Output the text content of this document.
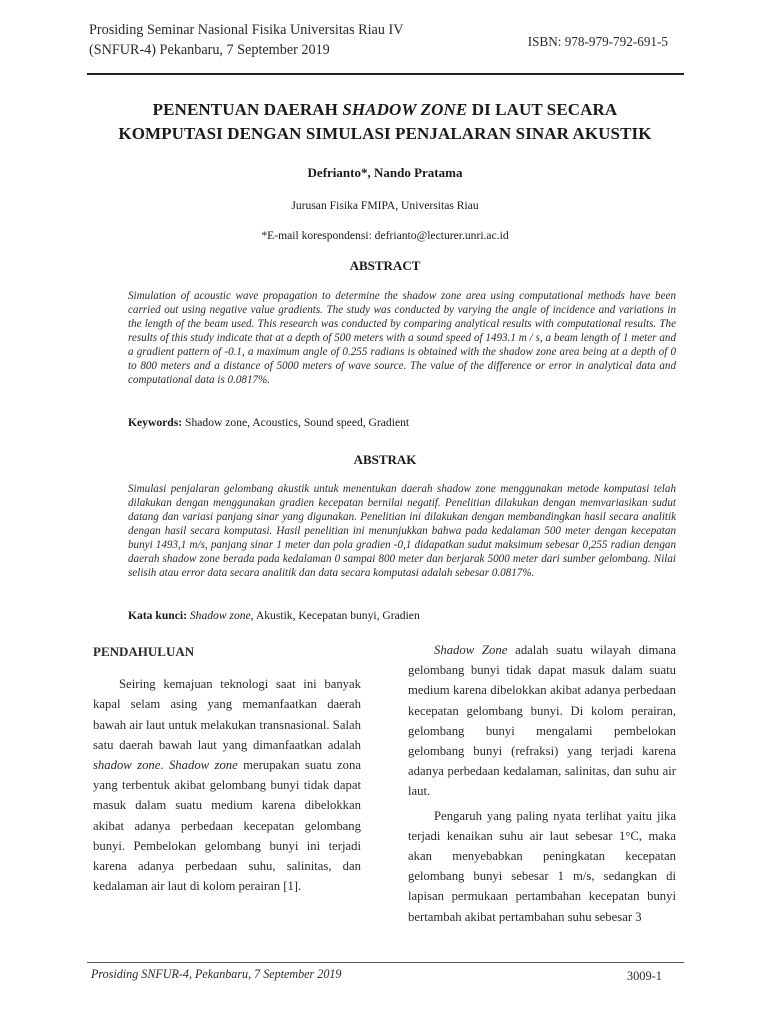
Prosiding Seminar Nasional Fisika Universitas Riau IV
(SNFUR-4) Pekanbaru, 7 September 2019
ISBN: 978-979-792-691-5
PENENTUAN DAERAH SHADOW ZONE DI LAUT SECARA
KOMPUTASI DENGAN SIMULASI PENJALARAN SINAR AKUSTIK
Defrianto*, Nando Pratama
Jurusan Fisika FMIPA, Universitas Riau
*E-mail korespondensi: defrianto@lecturer.unri.ac.id
ABSTRACT
Simulation of acoustic wave propagation to determine the shadow zone area using computational methods have been carried out using negative value gradients. The study was conducted by varying the angle of incidence and variations in the length of the beam used. This research was conducted by comparing analytical results with computational results. The results of this study indicate that at a depth of 500 meters with a sound speed of 1493.1 m / s, a beam length of 1 meter and a gradient pattern of -0.1, a maximum angle of 0.255 radians is obtained with the shadow zone area being at a depth of 0 to 800 meters and a distance of 5000 meters of wave source. The value of the difference or error in analytical data and computational data is 0.0817%.
Keywords: Shadow zone, Acoustics, Sound speed, Gradient
ABSTRAK
Simulasi penjalaran gelombang akustik untuk menentukan daerah shadow zone menggunakan metode komputasi telah dilakukan dengan menggunakan gradien kecepatan bernilai negatif. Penelitian dilakukan dengan memvariasikan sudut datang dan variasi panjang sinar yang digunakan. Penelitian ini dilakukan dengan membandingkan hasil secara analitik dengan hasil secara komputasi. Hasil penelitian ini menunjukkan bahwa pada kedalaman 500 meter dengan kecepatan bunyi 1493,1 m/s, panjang sinar 1 meter dan pola gradien -0,1 didapatkan sudut maksimum sebesar 0,255 radian dengan daerah shadow zone berada pada kedalaman 0 sampai 800 meter dan berjarak 5000 meter dari sumber gelombang. Nilai selisih atau error data secara analitik dan data secara komputasi adalah sebesar 0.0817%.
Kata kunci: Shadow zone, Akustik, Kecepatan bunyi, Gradien

PENDAHULUAN

Seiring kemajuan teknologi saat ini banyak kapal selam asing yang memanfaatkan daerah bawah air laut untuk melakukan transnasional. Salah satu daerah bawah laut yang dimanfaatkan adalah shadow zone. Shadow zone merupakan suatu zona yang terbentuk akibat gelombang bunyi tidak dapat masuk dalam suatu medium karena dibelokkan akibat adanya perbedaan kecepatan gelombang bunyi. Pembelokan gelombang bunyi ini terjadi karena adanya perbedaan suhu, salinitas, dan kedalaman air laut di kolom perairan [1].

Shadow Zone adalah suatu wilayah dimana gelombang bunyi tidak dapat masuk dalam suatu medium karena dibelokkan akibat adanya perbedaan kecepatan gelombang bunyi. Di kolom perairan, gelombang bunyi mengalami pembelokan gelombang bunyi (refraksi) yang terjadi karena adanya perbedaan kedalaman, salinitas, dan suhu air laut.

Pengaruh yang paling nyata terlihat yaitu jika terjadi kenaikan suhu air laut sebesar 1°C, maka akan menyebabkan peningkatan kecepatan gelombang bunyi sebesar 1 m/s, sedangkan di lapisan permukaan pertambahan kecepatan bunyi bertambah akibat pertambahan suhu sebesar 3

Prosiding SNFUR-4, Pekanbaru, 7 September 2019	3009-1
